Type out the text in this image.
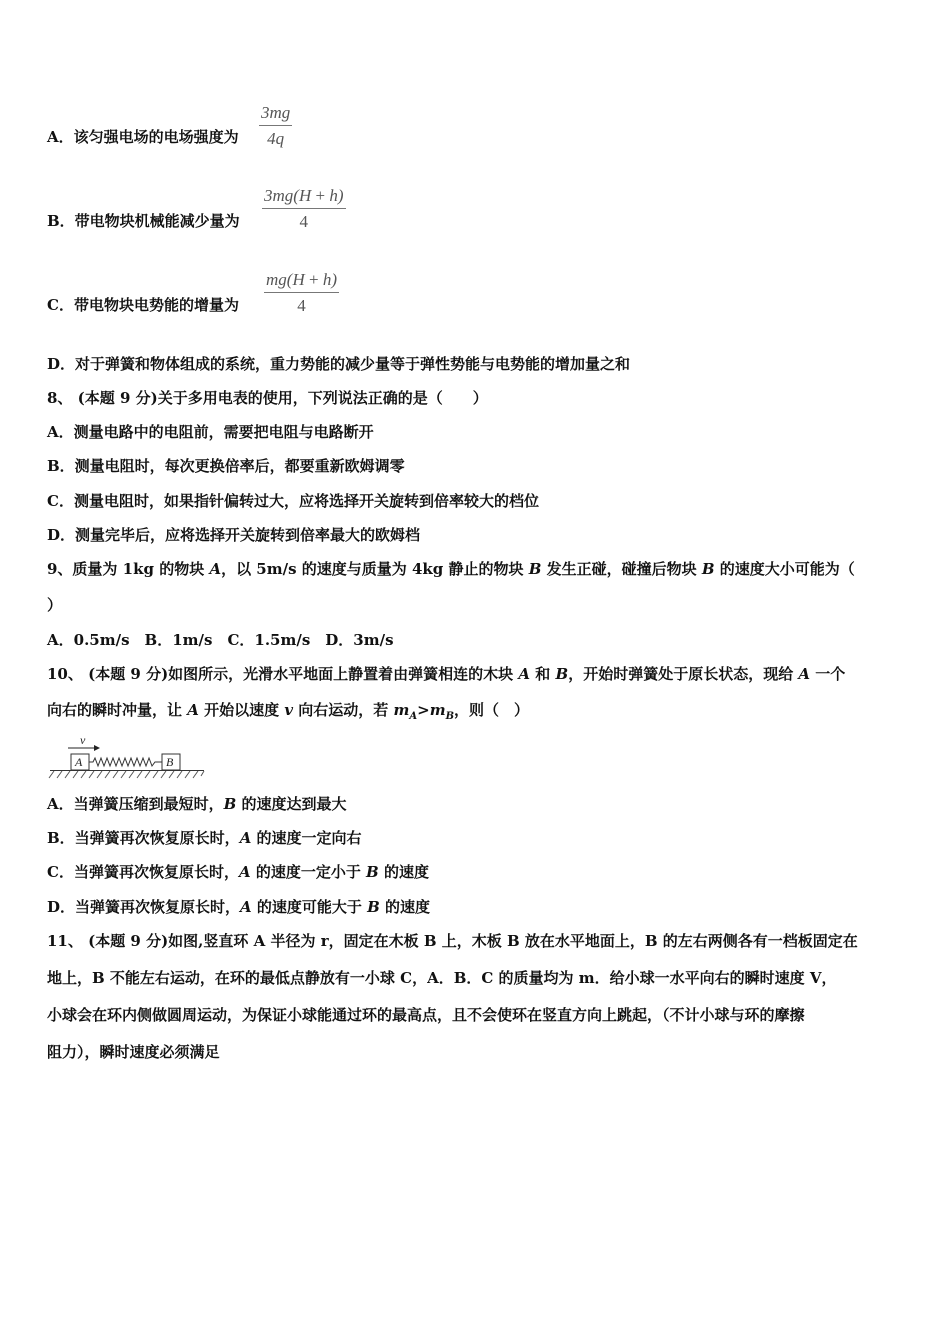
A．该匀强电场的电场强度为 $\frac{3mg}{4q}$
B．带电物块机械能减少量为 $\frac{3mg(H + h)}{4}$
C．带电物块电势能的增量为 $\frac{mg(H + h)}{4}$
D．对于弹簧和物体组成的系统，重力势能的减少量等于弹性势能与电势能的增加量之和
8、 (本题 9 分)关于多用电表的使用，下列说法正确的是（　　）
A．测量电路中的电阻前，需要把电阻与电路断开
B．测量电阻时，每次更换倍率后，都要重新欧姆调零
C．测量电阻时，如果指针偏转过大，应将选择开关旋转到倍率较大的档位
D．测量完毕后，应将选择开关旋转到倍率最大的欧姆档
9、质量为 1kg 的物块 A，以 5m/s 的速度与质量为 4kg 静止的物块 B 发生正碰，碰撞后物块 B 的速度大小可能为（
）
A．0.5m/s　B．1m/s　C．1.5m/s　D．3m/s
10、 (本题 9 分)如图所示，光滑水平地面上静置着由弹簧相连的木块 A 和 B，开始时弹簧处于原长状态，现给 A 一个
向右的瞬时冲量，让 A 开始以速度 v 向右运动，若 $m_A>m_B$，则（　）
v
A	B
A．当弹簧压缩到最短时，B 的速度达到最大
B．当弹簧再次恢复原长时，A 的速度一定向右
C．当弹簧再次恢复原长时，A 的速度一定小于 B 的速度
D．当弹簧再次恢复原长时，A 的速度可能大于 B 的速度
11、 (本题 9 分)如图,竖直环 A 半径为 r，固定在木板 B 上，木板 B 放在水平地面上，B 的左右两侧各有一档板固定在
地上，B 不能左右运动，在环的最低点静放有一小球 C，A．B．C 的质量均为 m．给小球一水平向右的瞬时速度 V，
小球会在环内侧做圆周运动，为保证小球能通过环的最高点，且不会使环在竖直方向上跳起，（不计小球与环的摩擦
阻力），瞬时速度必须满足
